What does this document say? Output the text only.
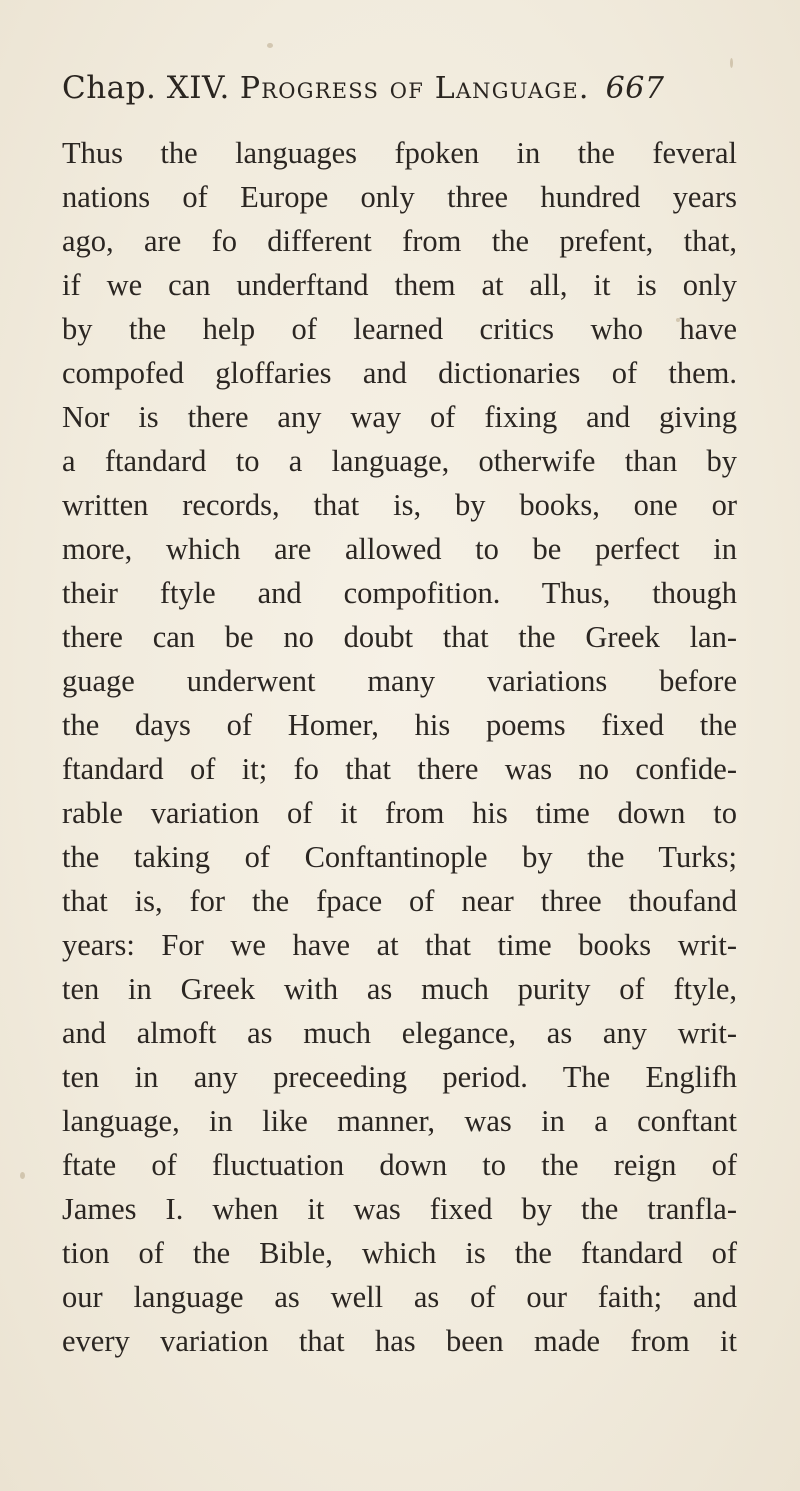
Chap. XIV. Progress of Language. 667
Thus the languages fpoken in the feveral
nations of Europe only three hundred years
ago, are fo different from the prefent, that,
if we can underftand them at all, it is only
by the help of learned critics who have
compofed gloffaries and dictionaries of them.
Nor is there any way of fixing and giving
a ftandard to a language, otherwife than by
written records, that is, by books, one or
more, which are allowed to be perfect in
their ftyle and compofition. Thus, though
there can be no doubt that the Greek lan-
guage underwent many variations before
the days of Homer, his poems fixed the
ftandard of it; fo that there was no confide-
rable variation of it from his time down to
the taking of Conftantinople by the Turks;
that is, for the fpace of near three thoufand
years: For we have at that time books writ-
ten in Greek with as much purity of ftyle,
and almoft as much elegance, as any writ-
ten in any preceeding period. The Englifh
language, in like manner, was in a conftant
ftate of fluctuation down to the reign of
James I. when it was fixed by the tranfla-
tion of the Bible, which is the ftandard of
our language as well as of our faith; and
every variation that has been made from it
